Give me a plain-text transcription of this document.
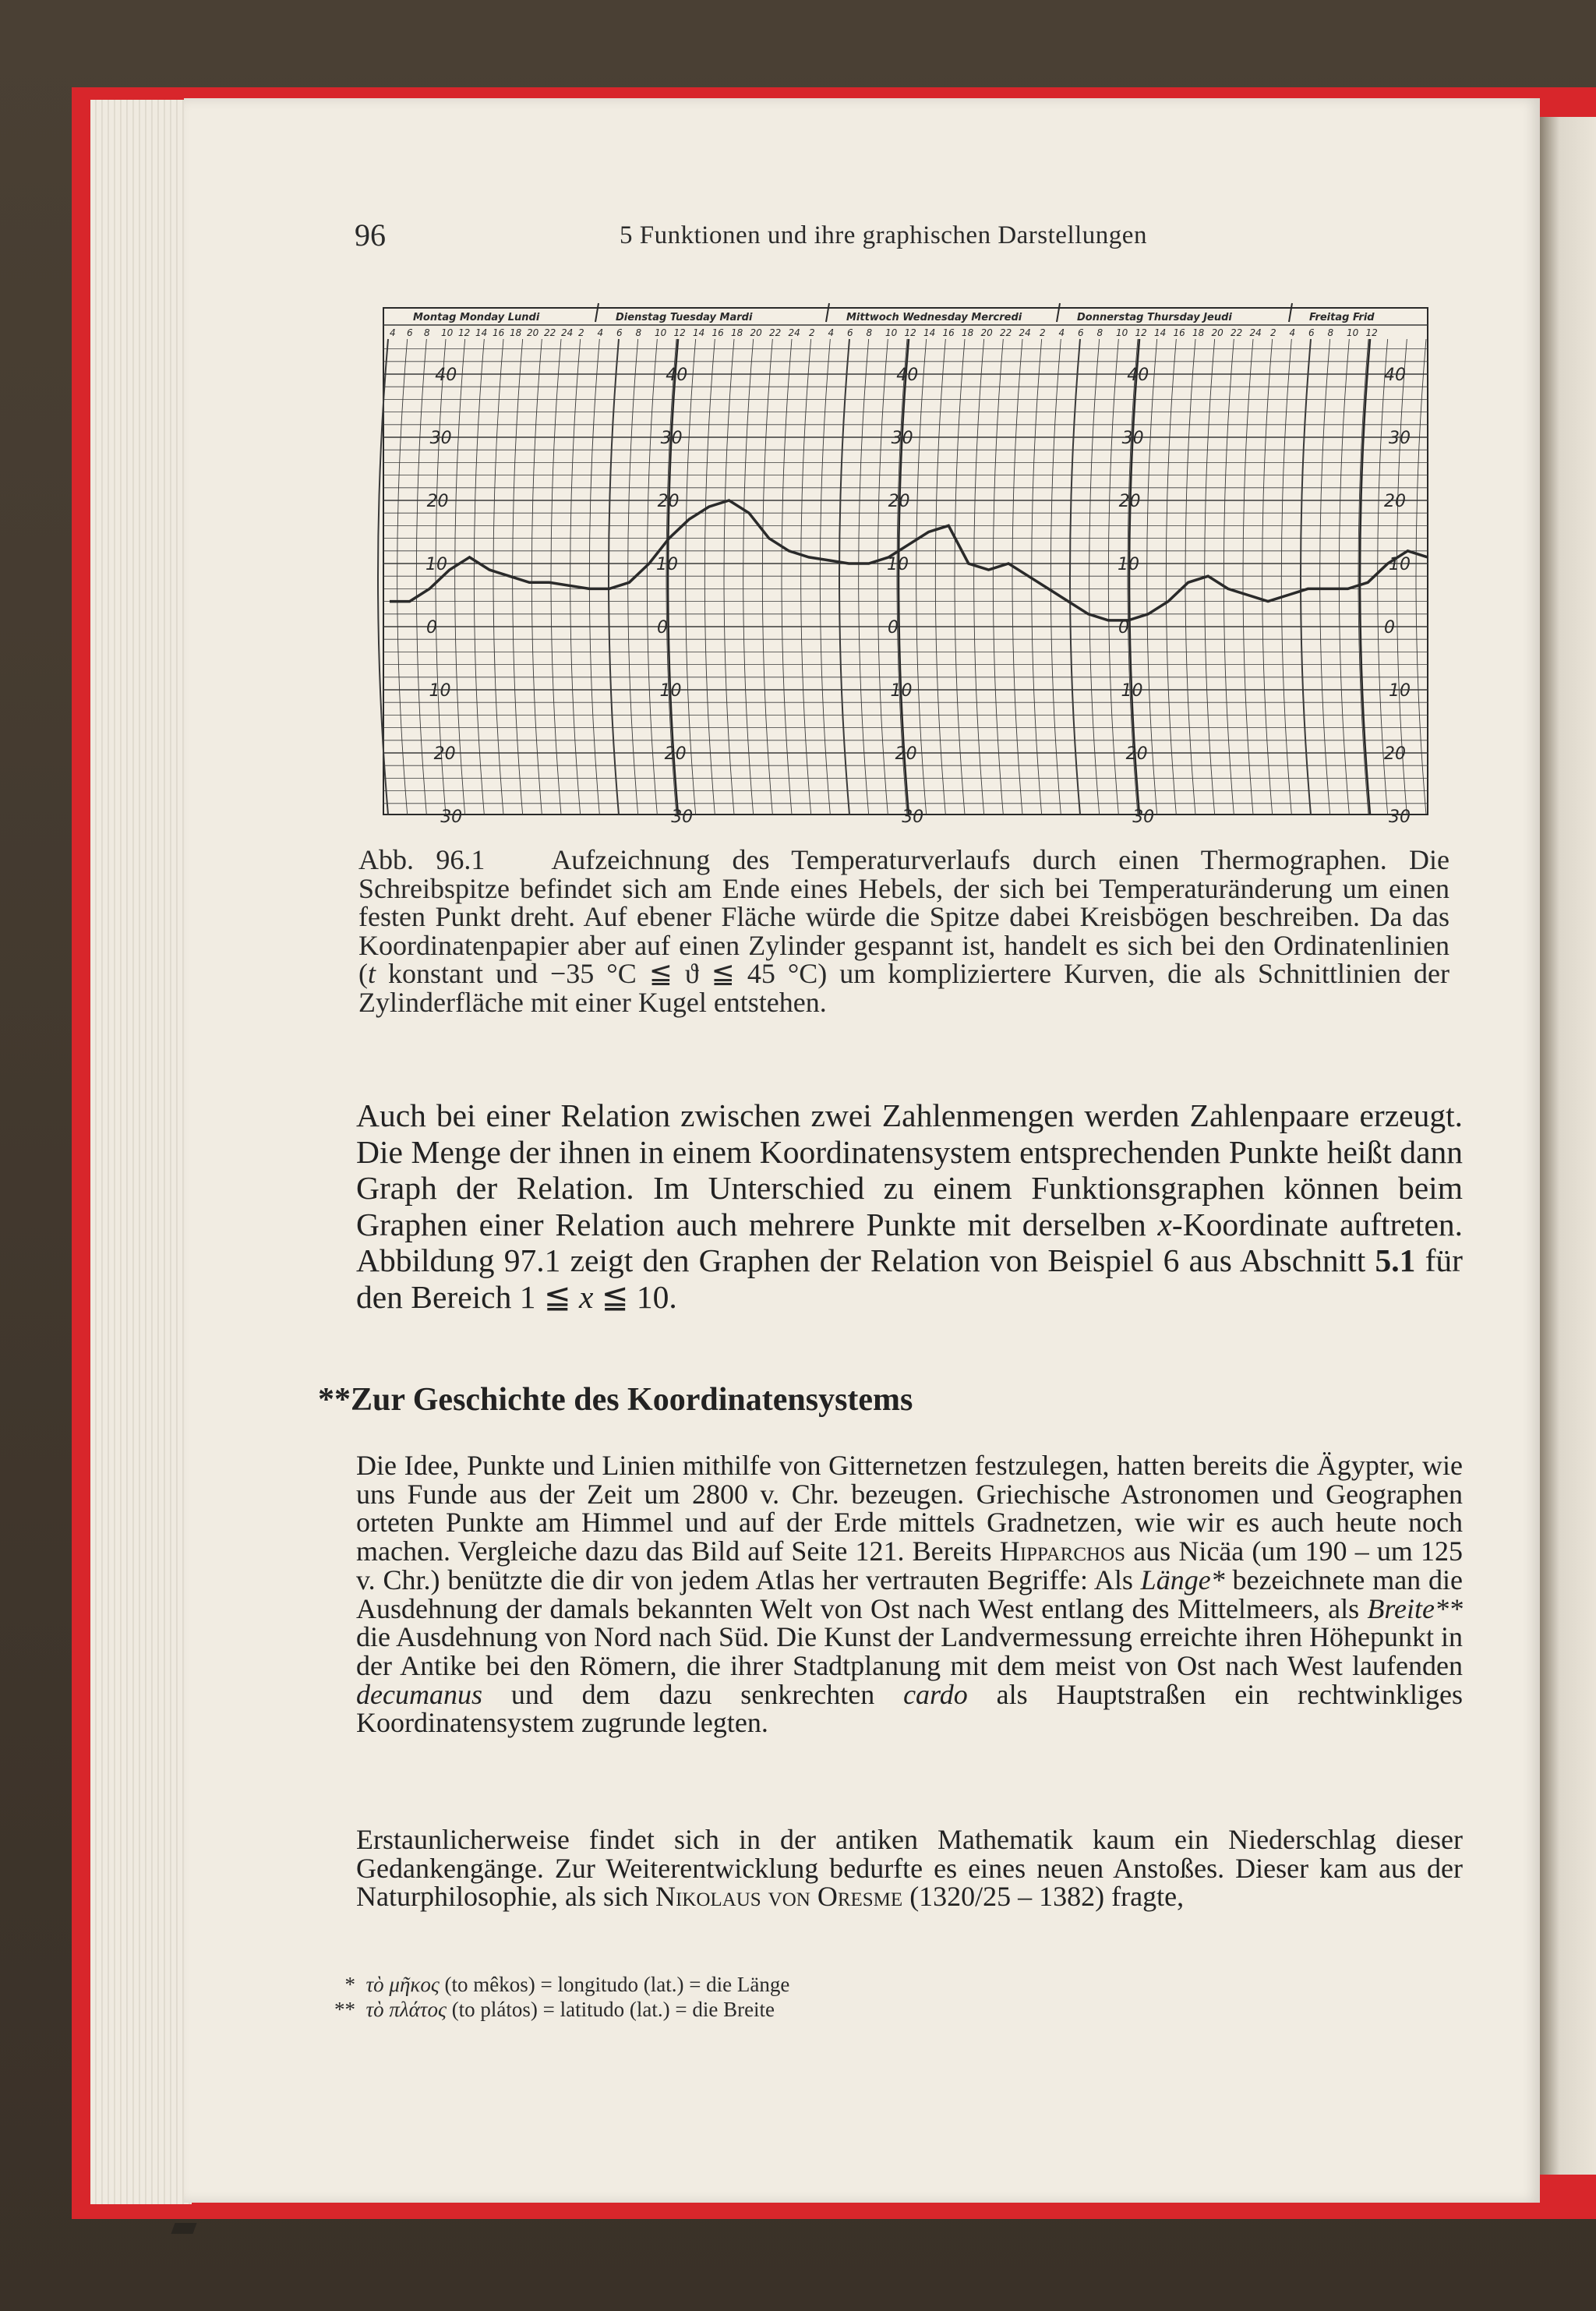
96	5 Funktionen und ihre graphischen Darstellungen
40
30
20
10
0
10
20
30
40
30
20
10
0
10
20
30
40
30
20
10
0
10
20
30
40
30
20
10
0
10
20
30
40
30
20
10
0
10
20
30
Montag Monday Lundi	Dienstag Tuesday Mardi	Mittwoch Wednesday Mercredi	Donnerstag Thursday Jeudi	Freitag Frid
4 6 8 10 12 14 16 18 20 22 24 2 4 6 8 10 12 14 16 18 20 22 24 2 4 6 8 10 12 14 16 18 20 22 24 2 4 6 8 10 12 14 16 18 20 22 24 2 4 6 8 10 12
Abb. 96.1 Aufzeichnung des Temperaturverlaufs durch einen Thermographen. Die Schreibspitze befindet sich am Ende eines Hebels, der sich bei Temperaturänderung um einen festen Punkt dreht. Auf ebener Fläche würde die Spitze dabei Kreisbögen beschreiben. Da das Koordinatenpapier aber auf einen Zylinder gespannt ist, handelt es sich bei den Ordinatenlinien (t konstant und −35 °C ≦ ϑ ≦ 45 °C) um kompliziertere Kurven, die als Schnittlinien der Zylinderfläche mit einer Kugel entstehen.
Auch bei einer Relation zwischen zwei Zahlenmengen werden Zahlenpaare erzeugt. Die Menge der ihnen in einem Koordinatensystem entsprechenden Punkte heißt dann Graph der Relation. Im Unterschied zu einem Funktionsgraphen können beim Graphen einer Relation auch mehrere Punkte mit derselben x-Koordinate auftreten. Abbildung 97.1 zeigt den Graphen der Relation von Beispiel 6 aus Abschnitt 5.1 für den Bereich 1 ≦ x ≦ 10.
**Zur Geschichte des Koordinatensystems
Die Idee, Punkte und Linien mithilfe von Gitternetzen festzulegen, hatten bereits die Ägypter, wie uns Funde aus der Zeit um 2800 v. Chr. bezeugen. Griechische Astronomen und Geographen orteten Punkte am Himmel und auf der Erde mittels Gradnetzen, wie wir es auch heute noch machen. Vergleiche dazu das Bild auf Seite 121. Bereits Hipparchos aus Nicäa (um 190 – um 125 v. Chr.) benützte die dir von jedem Atlas her vertrauten Begriffe: Als Länge* bezeichnete man die Ausdehnung der damals bekannten Welt von Ost nach West entlang des Mittelmeers, als Breite** die Ausdehnung von Nord nach Süd. Die Kunst der Landvermessung erreichte ihren Höhepunkt in der Antike bei den Römern, die ihrer Stadtplanung mit dem meist von Ost nach West laufenden decumanus und dem dazu senkrechten cardo als Hauptstraßen ein rechtwinkliges Koordinatensystem zugrunde legten.
Erstaunlicherweise findet sich in der antiken Mathematik kaum ein Niederschlag dieser Gedankengänge. Zur Weiterentwicklung bedurfte es eines neuen Anstoßes. Dieser kam aus der Naturphilosophie, als sich Nikolaus von Oresme (1320/25 – 1382) fragte,
* τὸ μῆκος (to mêkos) = longitudo (lat.) = die Länge
** τὸ πλάτος (to plátos) = latitudo (lat.) = die Breite
